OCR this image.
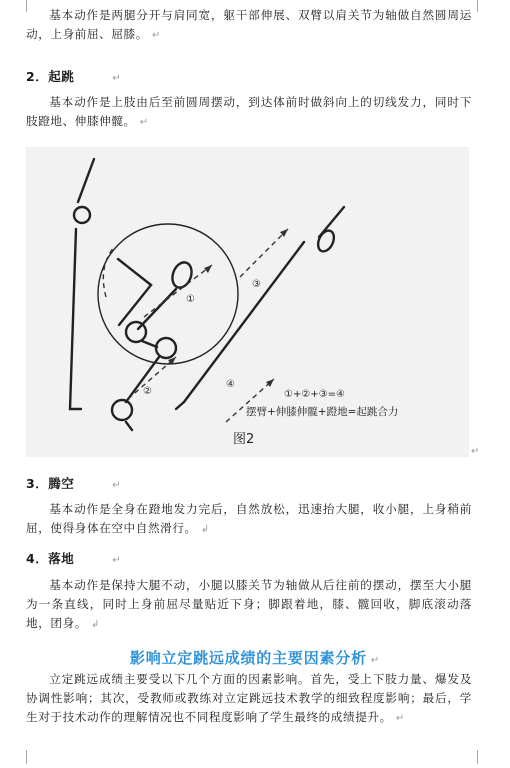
基本动作是两腿分开与肩同宽，躯干部伸展、双臂以肩关节为轴做自然圆周运动，上身前屈、屈膝。 ↵

2．起跳	↵

基本动作是上肢由后至前圆周摆动，到达体前时做斜向上的切线发力，同时下肢蹬地、伸膝伸髋。 ↵

①
②
③
④
①+②+③=④
摆臂+伸膝伸髋+蹬地=起跳合力
图2
↵
3．腾空	↵

基本动作是全身在蹬地发力完后，自然放松，迅速抬大腿，收小腿，上身稍前屈，使得身体在空中自然滑行。 ↲

4．落地	↵

基本动作是保持大腿不动，小腿以膝关节为轴做从后往前的摆动，摆至大小腿为一条直线，同时上身前屈尽量贴近下身；脚跟着地，膝、髋回收，脚底滚动落地，团身。 ↲

影响立定跳远成绩的主要因素分析 ↵

立定跳远成绩主要受以下几个方面的因素影响。首先，受上下肢力量、爆发及协调性影响；其次，受教师或教练对立定跳远技术教学的细致程度影响；最后，学生对于技术动作的理解情况也不同程度影响了学生最终的成绩提升。 ↵
